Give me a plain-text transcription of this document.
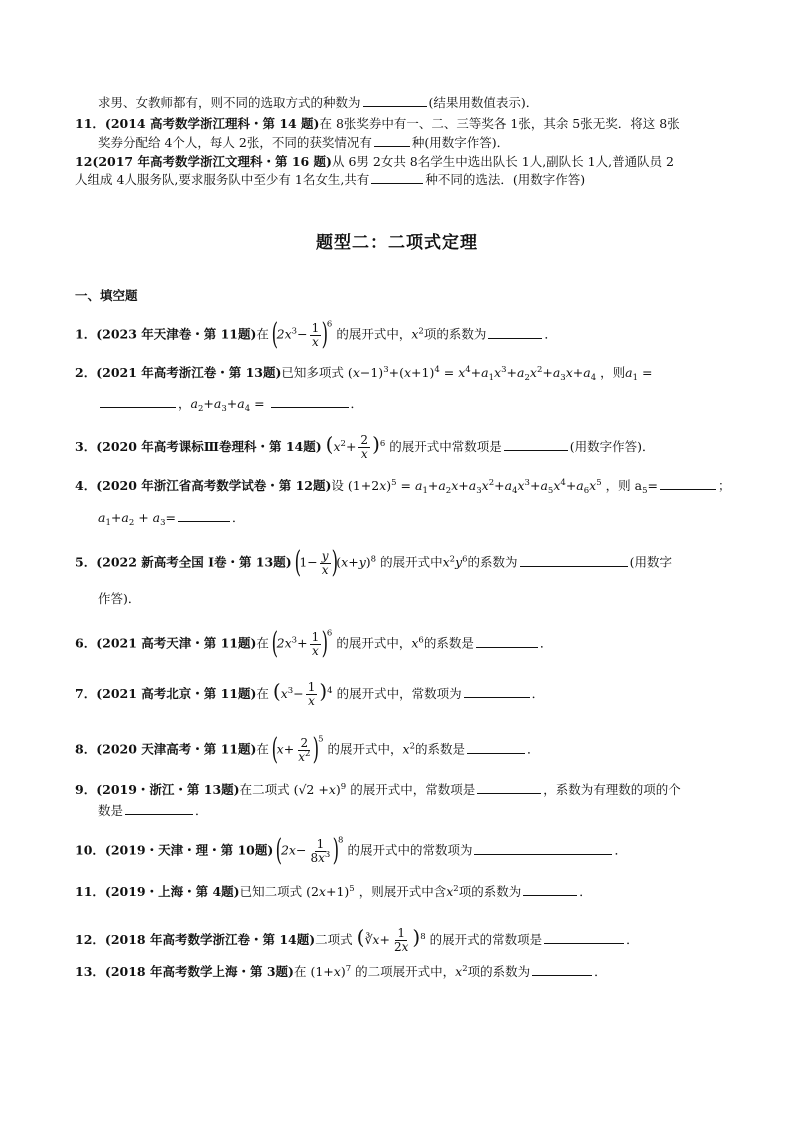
求男、女教师都有，则不同的选取方式的种数为	(结果用数值表示)．
11．(2014 高考数学浙江理科・第 14 题)在 8张奖券中有一、二、三等奖各 1张，其余 5张无奖．将这 8张
奖券分配给 4个人，每人 2张，不同的获奖情况有	种(用数字作答)．
12(2017 年高考数学浙江文理科・第 16 题)从 6男 2女共 8名学生中选出队长 1人,副队长 1人,普通队员 2
人组成 4人服务队,要求服务队中至少有 1名女生,共有	种不同的选法．(用数字作答)
题型二：二项式定理
一、填空题
1．(2023 年天津卷・第 11题)在 $(2x^3- \frac{1}{x} )^6$ 的展开式中，$x^2$项的系数为	．
2．(2021 年高考浙江卷・第 13题)已知多项式 $(x-1)^3+(x+1)^4 = x^4+a_1x^3+a_2x^2+a_3x+a_4$ ，则$a_1$ =
，$a_2+a_3+a_4$ =	．
3．(2020 年高考课标Ⅲ卷理科・第 14题) $(x^2+ \frac{2}{x} )^6$ 的展开式中常数项是	(用数字作答)．
4．(2020 年浙江省高考数学试卷・第 12题)设 $(1+2x)^5 = a_1+a_2x+a_3x^2+a_4x^3+a_5x^4+a_6x^5$ ，则 $a_5=$	；
$a_1+a_2 + a_3=$	．
5．(2022 新高考全国 I卷・第 13题) $(1- \frac{y}{x} )(x+y)^8$ 的展开式中$x^2y^6$的系数为	(用数字
作答)．
6．(2021 高考天津・第 11题)在 $(2x^3+ \frac{1}{x} )^6$ 的展开式中，$x^6$的系数是	．
7．(2021 高考北京・第 11题)在 $(x^3- \frac{1}{x} )^4$ 的展开式中，常数项为	．
8．(2020 天津高考・第 11题)在 $(x+ \frac{2}{x^2} )^5$ 的展开式中，$x^2$的系数是	．
9．(2019・浙江・第 13题)在二项式 $(√2 +x)^9$ 的展开式中，常数项是	，系数为有理数的项的个
数是	．
10．(2019・天津・理・第 10题) $(2x- \frac{1}{8x^3} )^8$ 的展开式中的常数项为	．
11．(2019・上海・第 4题)已知二项式 $(2x+1)^5$ ，则展开式中含$x^2$项的系数为	．
12．(2018 年高考数学浙江卷・第 14题)二项式 (∛x+ $\frac{1}{2x} )^8$ 的展开式的常数项是	．
13．(2018 年高考数学上海・第 3题)在 $(1+x)^7$ 的二项展开式中，$x^2$项的系数为	．
